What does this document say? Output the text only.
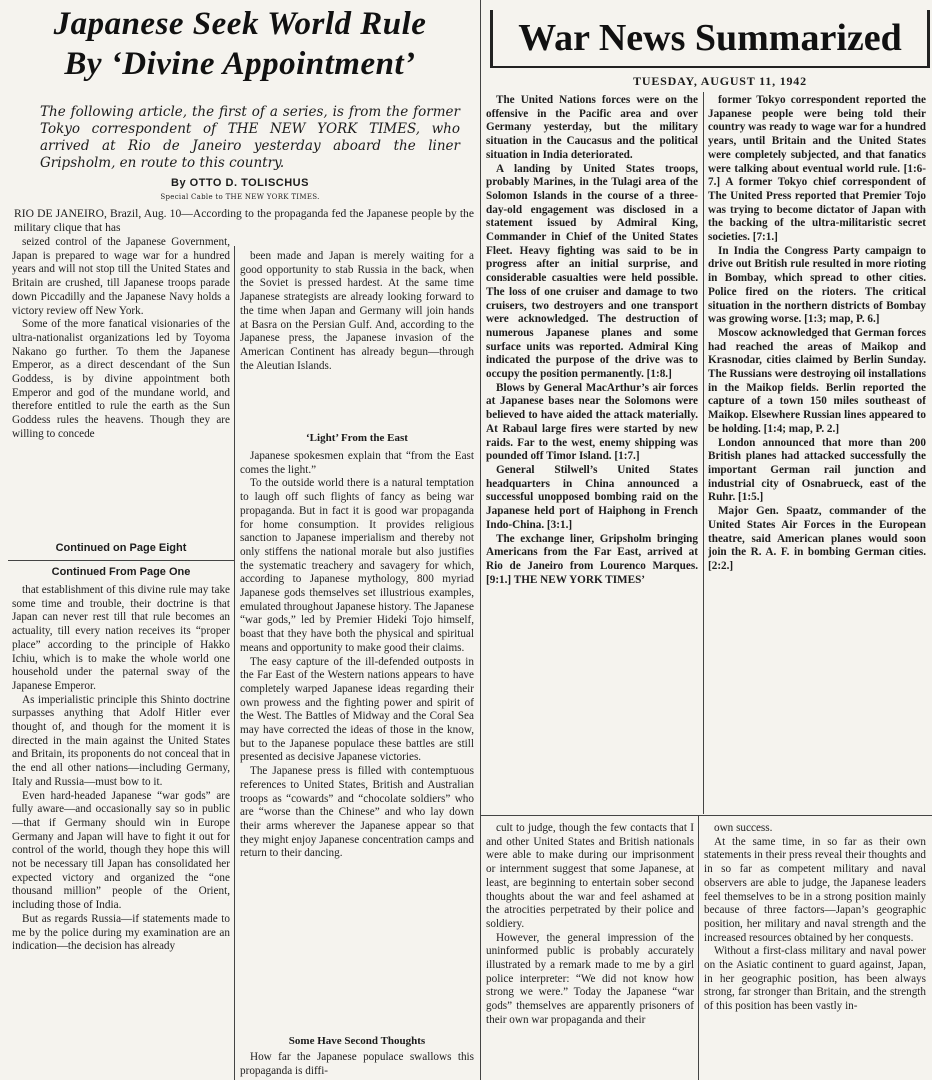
Japanese Seek World Rule
By ‘Divine Appointment’
The following article, the first of a series, is from the former Tokyo correspondent of THE NEW YORK TIMES, who arrived at Rio de Janeiro yesterday aboard the liner Gripsholm, en route to this country.
By OTTO D. TOLISCHUS
Special Cable to THE NEW YORK TIMES.
RIO DE JANEIRO, Brazil, Aug. 10—According to the propaganda fed the Japanese people by the military clique that has

seized control of the Japanese Government, Japan is prepared to wage war for a hundred years and will not stop till the United States and Britain are crushed, till Japanese troops parade down Piccadilly and the Japanese Navy holds a victory review off New York.

Some of the more fanatical visionaries of the ultra-nationalist organizations led by Toyoma Nakano go further. To them the Japanese Emperor, as a direct descendant of the Sun Goddess, is by divine appointment both Emperor and god of the mundane world, and therefore entitled to rule the earth as the Sun Goddess rules the heavens. Though they are willing to concede

Continued on Page Eight
Continued From Page One

that establishment of this divine rule may take some time and trouble, their doctrine is that Japan can never rest till that rule becomes an actuality, till every nation receives its “proper place” according to the principle of Hakko Ichiu, which is to make the whole world one household under the paternal sway of the Japanese Emperor.

As imperialistic principle this Shinto doctrine surpasses anything that Adolf Hitler ever thought of, and though for the moment it is directed in the main against the United States and Britain, its proponents do not conceal that in the end all other nations—including Germany, Italy and Russia—must bow to it.

Even hard-headed Japanese “war gods” are fully aware—and occasionally say so in public—that if Germany should win in Europe Germany and Japan will have to fight it out for control of the world, though they hope this will not be necessary till Japan has consolidated her expected victory and organized the “one thousand million” people of the Orient, including those of India.

But as regards Russia—if statements made to me by the police during my examination are an indication—the decision has already

been made and Japan is merely waiting for a good opportunity to stab Russia in the back, when the Soviet is pressed hardest. At the same time Japanese strategists are already looking forward to the time when Japan and Germany will join hands at Basra on the Persian Gulf. And, according to the Japanese press, the Japanese invasion of the American Continent has already begun—through the Aleutian Islands.

‘Light’ From the East

Japanese spokesmen explain that “from the East comes the light.”

To the outside world there is a natural temptation to laugh off such flights of fancy as being war propaganda. But in fact it is good war propaganda for home consumption. It provides religious sanction to Japanese imperialism and thereby not only stiffens the national morale but also justifies the systematic treachery and savagery for which, according to Japanese mythology, 800 myriad Japanese gods themselves set illustrious examples, emulated throughout Japanese history. The Japanese “war gods,” led by Premier Hideki Tojo himself, boast that they have both the physical and spiritual means and opportunity to make good their claims.

The easy capture of the ill-defended outposts in the Far East of the Western nations appears to have completely warped Japanese ideas regarding their own prowess and the fighting power and spirit of the West. The Battles of Midway and the Coral Sea may have corrected the ideas of those in the know, but to the Japanese populace these battles are still presented as decisive Japanese victories.

The Japanese press is filled with contemptuous references to United States, British and Australian troops as “cowards” and “chocolate soldiers” who are “worse than the Chinese” and who lay down their arms wherever the Japanese appear so that they might enjoy Japanese concentration camps and return to their dancing.

Some Have Second Thoughts

How far the Japanese populace swallows this propaganda is diffi-

cult to judge, though the few contacts that I and other United States and British nationals were able to make during our imprisonment or internment suggest that some Japanese, at least, are beginning to entertain sober second thoughts about the war and feel ashamed at the atrocities perpetrated by their police and soldiery.

However, the general impression of the uninformed public is probably accurately illustrated by a remark made to me by a girl police interpreter: “We did not know how strong we were.” Today the Japanese “war gods” themselves are apparently prisoners of their own war propaganda and their

own success.

At the same time, in so far as their own statements in their press reveal their thoughts and in so far as competent military and naval observers are able to judge, the Japanese leaders feel themselves to be in a strong position mainly because of three factors—Japan’s geographic position, her military and naval strength and the increased resources obtained by her conquests.

Without a first-class military and naval power on the Asiatic continent to guard against, Japan, in her geographic position, has been always strong, far stronger than Britain, and the strength of this position has been vastly in-

War News Summarized
TUESDAY, AUGUST 11, 1942

The United Nations forces were on the offensive in the Pacific area and over Germany yesterday, but the military situation in the Caucasus and the political situation in India deteriorated.

A landing by United States troops, probably Marines, in the Tulagi area of the Solomon Islands in the course of a three-day-old engagement was disclosed in a statement issued by Admiral King, Commander in Chief of the United States Fleet. Heavy fighting was said to be in progress after an initial surprise, and considerable casualties were held possible. The loss of one cruiser and damage to two cruisers, two destroyers and one transport were acknowledged. The destruction of numerous Japanese planes and some surface units was reported. Admiral King indicated the purpose of the drive was to occupy the position permanently. [1:8.]

Blows by General MacArthur’s air forces at Japanese bases near the Solomons were believed to have aided the attack materially. At Rabaul large fires were started by new raids. Far to the west, enemy shipping was pounded off Timor Island. [1:7.]

General Stilwell’s United States headquarters in China announced a successful unopposed bombing raid on the Japanese held port of Haiphong in French Indo-China. [3:1.]

The exchange liner, Gripsholm bringing Americans from the Far East, arrived at Rio de Janeiro from Lourenco Marques. [9:1.] THE NEW YORK TIMES’

former Tokyo correspondent reported the Japanese people were being told their country was ready to wage war for a hundred years, until Britain and the United States were completely subjected, and that fanatics were talking about eventual world rule. [1:6-7.] A former Tokyo chief correspondent of The United Press reported that Premier Tojo was trying to become dictator of Japan with the backing of the ultra-militaristic secret societies. [7:1.]

In India the Congress Party campaign to drive out British rule resulted in more rioting in Bombay, which spread to other cities. Police fired on the rioters. The critical situation in the northern districts of Bombay was growing worse. [1:3; map, P. 6.]

Moscow acknowledged that German forces had reached the areas of Maikop and Krasnodar, cities claimed by Berlin Sunday. The Russians were destroying oil installations in the Maikop fields. Berlin reported the capture of a town 150 miles southeast of Maikop. Elsewhere Russian lines appeared to be holding. [1:4; map, P. 2.]

London announced that more than 200 British planes had attacked successfully the important German rail junction and industrial city of Osnabrueck, east of the Ruhr. [1:5.]

Major Gen. Spaatz, commander of the United States Air Forces in the European theatre, said American planes would soon join the R. A. F. in bombing German cities. [2:2.]
